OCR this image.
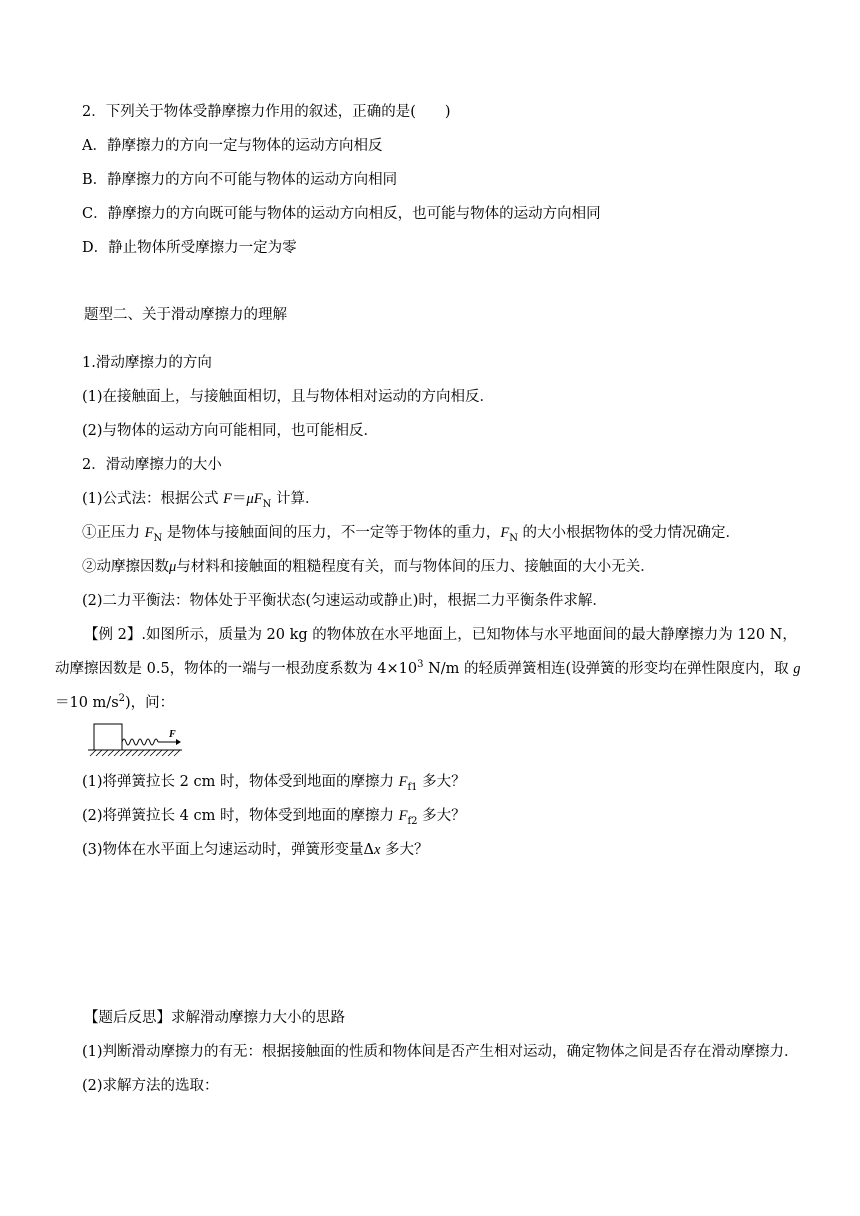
2．下列关于物体受静摩擦力作用的叙述，正确的是(　　)
A．静摩擦力的方向一定与物体的运动方向相反
B．静摩擦力的方向不可能与物体的运动方向相同
C．静摩擦力的方向既可能与物体的运动方向相反，也可能与物体的运动方向相同
D．静止物体所受摩擦力一定为零
题型二、关于滑动摩擦力的理解
1.滑动摩擦力的方向
(1)在接触面上，与接触面相切，且与物体相对运动的方向相反．
(2)与物体的运动方向可能相同，也可能相反．
2．滑动摩擦力的大小
(1)公式法：根据公式 $F=\mu F_N$ 计算．
①正压力 $F_N$ 是物体与接触面间的压力，不一定等于物体的重力，$F_N$ 的大小根据物体的受力情况确定．
②动摩擦因数μ与材料和接触面的粗糙程度有关，而与物体间的压力、接触面的大小无关．
(2)二力平衡法：物体处于平衡状态(匀速运动或静止)时，根据二力平衡条件求解．
【例 2】.如图所示，质量为 20 kg 的物体放在水平地面上，已知物体与水平地面间的最大静摩擦力为 120 N，
动摩擦因数是 0.5，物体的一端与一根劲度系数为 $4\times 10^3$ N/m 的轻质弹簧相连(设弹簧的形变均在弹性限度内，取 g
＝10 $m/s^2$)，问：
F
(1)将弹簧拉长 2 cm 时，物体受到地面的摩擦力 $F_{f1}$ 多大？
(2)将弹簧拉长 4 cm 时，物体受到地面的摩擦力 $F_{f2}$ 多大？
(3)物体在水平面上匀速运动时，弹簧形变量Δx 多大？
【题后反思】求解滑动摩擦力大小的思路
(1)判断滑动摩擦力的有无：根据接触面的性质和物体间是否产生相对运动，确定物体之间是否存在滑动摩擦力．
(2)求解方法的选取：
